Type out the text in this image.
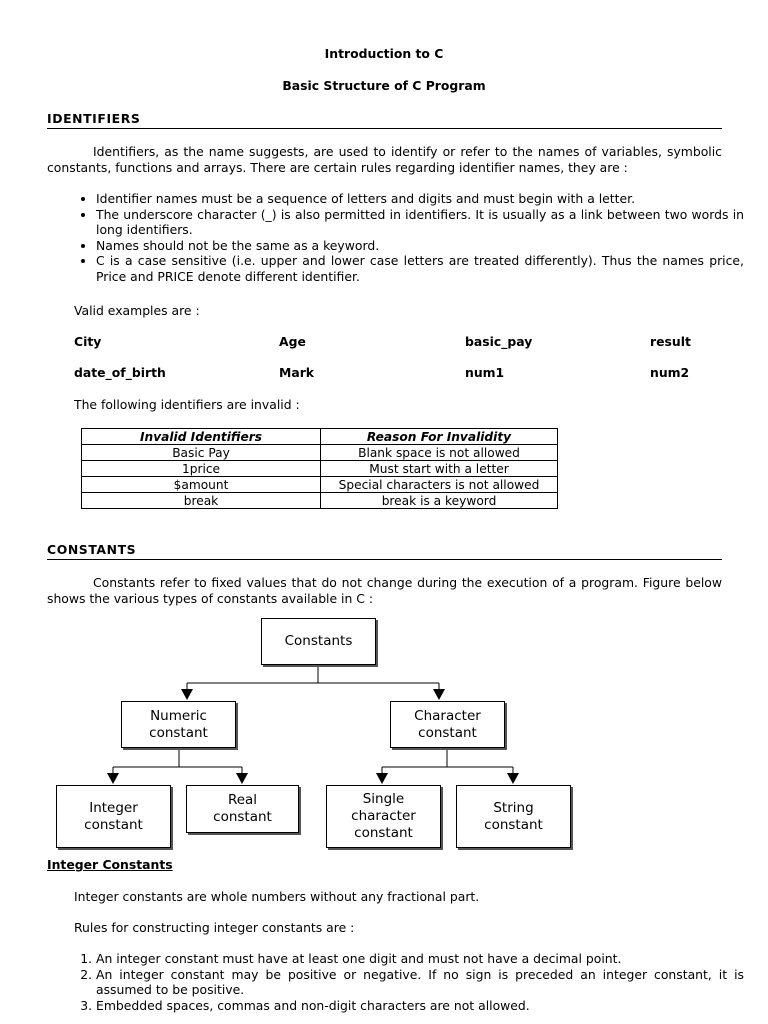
Introduction to C
Basic Structure of C Program
IDENTIFIERS
Identifiers, as the name suggests, are used to identify or refer to the names of variables, symbolic constants, functions and arrays. There are certain rules regarding identifier names, they are :
• Identifier names must be a sequence of letters and digits and must begin with a letter.
• The underscore character (_) is also permitted in identifiers. It is usually as a link between two words in long identifiers.
• Names should not be the same as a keyword.
• C is a case sensitive (i.e. upper and lower case letters are treated differently). Thus the names price, Price and PRICE denote different identifier.
Valid examples are :
City	Age	basic_pay	result
date_of_birth	Mark	num1	num2
The following identifiers are invalid :
Invalid Identifiers	Reason For Invalidity
Basic Pay	Blank space is not allowed
1price	Must start with a letter
$amount	Special characters is not allowed
break	break is a keyword
CONSTANTS
Constants refer to fixed values that do not change during the execution of a program. Figure below shows the various types of constants available in C :
Constants
Numeric constant
Character constant
Integer constant
Real constant
Single character constant
String constant
Integer Constants
Integer constants are whole numbers without any fractional part.
Rules for constructing integer constants are :
1. An integer constant must have at least one digit and must not have a decimal point.
2. An integer constant may be positive or negative. If no sign is preceded an integer constant, it is assumed to be positive.
3. Embedded spaces, commas and non-digit characters are not allowed.
